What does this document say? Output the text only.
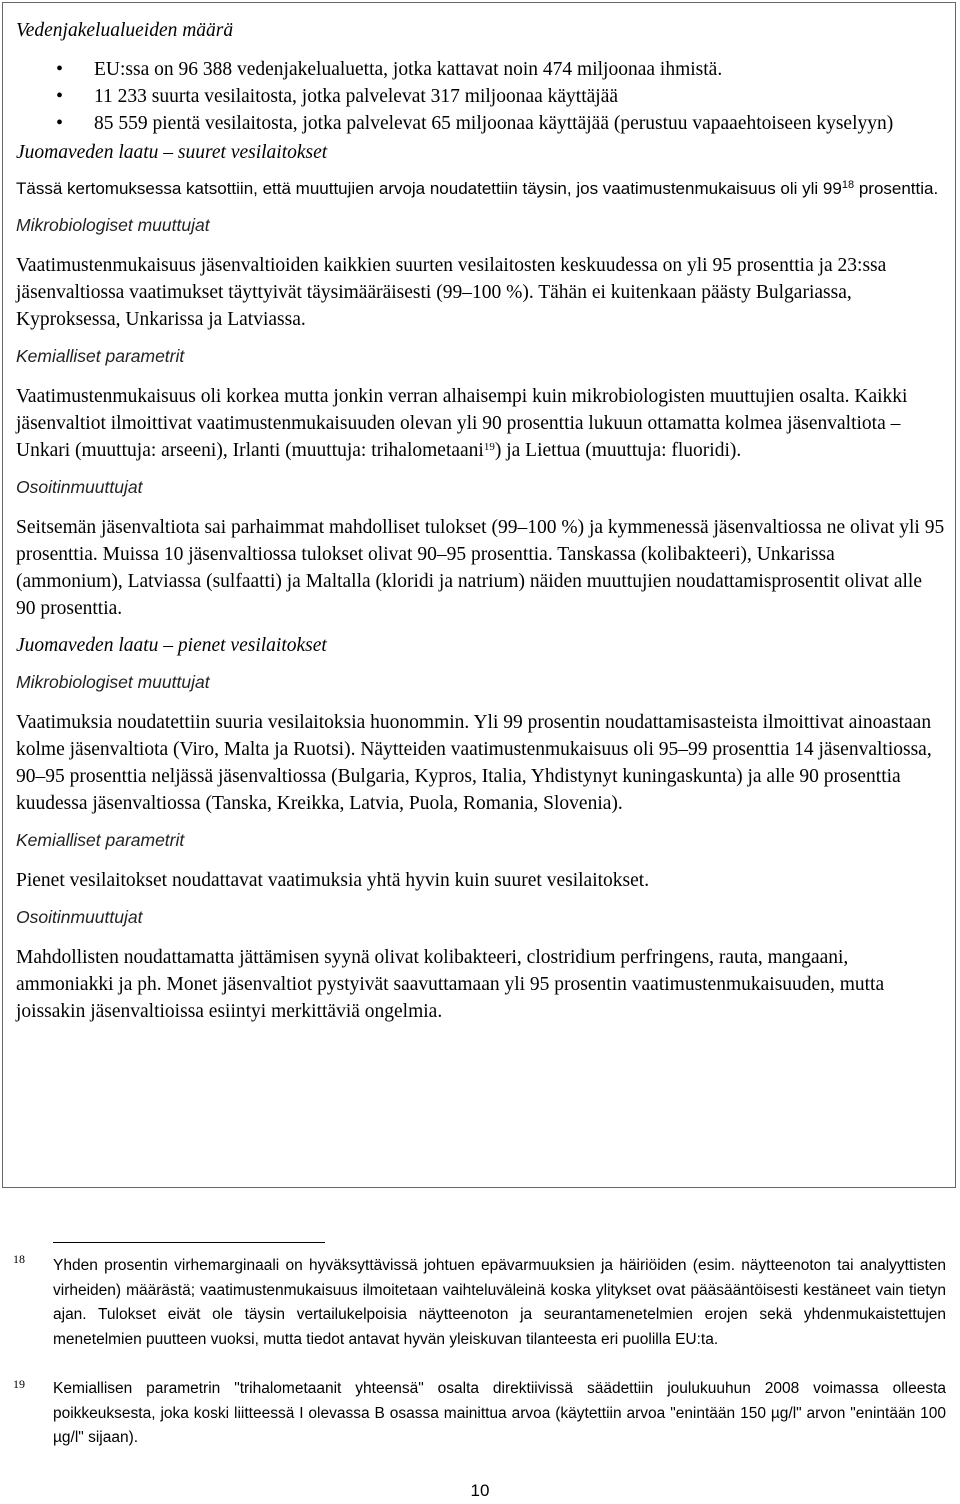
Vedenjakelualueiden määrä

• EU:ssa on 96 388 vedenjakelualuetta, jotka kattavat noin 474 miljoonaa ihmistä.
• 11 233 suurta vesilaitosta, jotka palvelevat 317 miljoonaa käyttäjää
• 85 559 pientä vesilaitosta, jotka palvelevat 65 miljoonaa käyttäjää (perustuu vapaaehtoiseen kyselyyn)

Juomaveden laatu – suuret vesilaitokset

Tässä kertomuksessa katsottiin, että muuttujien arvoja noudatettiin täysin, jos vaatimustenmukaisuus oli yli $99^{18}$ prosenttia.

Mikrobiologiset muuttujat

Vaatimustenmukaisuus jäsenvaltioiden kaikkien suurten vesilaitosten keskuudessa on yli 95 prosenttia ja 23:ssa jäsenvaltiossa vaatimukset täyttyivät täysimääräisesti (99–100 %). Tähän ei kuitenkaan päästy Bulgariassa, Kyproksessa, Unkarissa ja Latviassa.

Kemialliset parametrit

Vaatimustenmukaisuus oli korkea mutta jonkin verran alhaisempi kuin mikrobiologisten muuttujien osalta. Kaikki jäsenvaltiot ilmoittivat vaatimustenmukaisuuden olevan yli 90 prosenttia lukuun ottamatta kolmea jäsenvaltiota – Unkari (muuttuja: arseeni), Irlanti (muuttuja: trihalometaani$^{19}$) ja Liettua (muuttuja: fluoridi).

Osoitinmuuttujat

Seitsemän jäsenvaltiota sai parhaimmat mahdolliset tulokset (99–100 %) ja kymmenessä jäsenvaltiossa ne olivat yli 95 prosenttia. Muissa 10 jäsenvaltiossa tulokset olivat 90–95 prosenttia. Tanskassa (kolibakteeri), Unkarissa (ammonium), Latviassa (sulfaatti) ja Maltalla (kloridi ja natrium) näiden muuttujien noudattamisprosentit olivat alle 90 prosenttia.

Juomaveden laatu – pienet vesilaitokset

Mikrobiologiset muuttujat

Vaatimuksia noudatettiin suuria vesilaitoksia huonommin. Yli 99 prosentin noudattamisasteista ilmoittivat ainoastaan kolme jäsenvaltiota (Viro, Malta ja Ruotsi). Näytteiden vaatimustenmukaisuus oli 95–99 prosenttia 14 jäsenvaltiossa, 90–95 prosenttia neljässä jäsenvaltiossa (Bulgaria, Kypros, Italia, Yhdistynyt kuningaskunta) ja alle 90 prosenttia kuudessa jäsenvaltiossa (Tanska, Kreikka, Latvia, Puola, Romania, Slovenia).

Kemialliset parametrit

Pienet vesilaitokset noudattavat vaatimuksia yhtä hyvin kuin suuret vesilaitokset.

Osoitinmuuttujat

Mahdollisten noudattamatta jättämisen syynä olivat kolibakteeri, clostridium perfringens, rauta, mangaani, ammoniakki ja ph. Monet jäsenvaltiot pystyivät saavuttamaan yli 95 prosentin vaatimustenmukaisuuden, mutta joissakin jäsenvaltioissa esiintyi merkittäviä ongelmia.

18 Yhden prosentin virhemarginaali on hyväksyttävissä johtuen epävarmuuksien ja häiriöiden (esim. näytteenoton tai analyyttisten virheiden) määrästä; vaatimustenmukaisuus ilmoitetaan vaihteluväleinä koska ylitykset ovat pääsääntöisesti kestäneet vain tietyn ajan. Tulokset eivät ole täysin vertailukelpoisia näytteenoton ja seurantamenetelmien erojen sekä yhdenmukaistettujen menetelmien puutteen vuoksi, mutta tiedot antavat hyvän yleiskuvan tilanteesta eri puolilla EU:ta.

19 Kemiallisen parametrin "trihalometaanit yhteensä" osalta direktiivissä säädettiin joulukuuhun 2008 voimassa olleesta poikkeuksesta, joka koski liitteessä I olevassa B osassa mainittua arvoa (käytettiin arvoa "enintään 150 µg/l" arvon "enintään 100 µg/l" sijaan).

10
